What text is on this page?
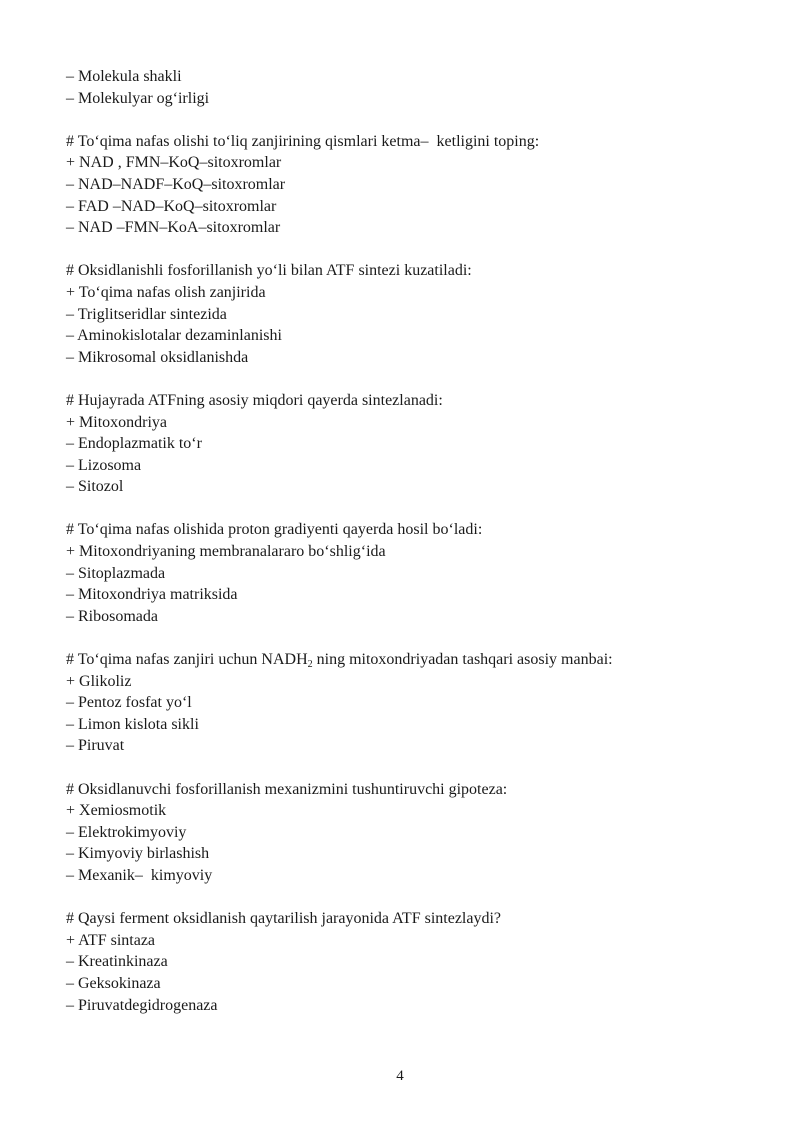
– Molekula shakli
– Molekulyar og‘irligi
# To‘qima nafas olishi to‘liq zanjirining qismlari ketma–  ketligini toping:
+ NAD , FMN–KoQ–sitoxromlar
– NAD–NADF–KoQ–sitoxromlar
– FAD –NAD–KoQ–sitoxromlar
– NAD –FMN–KoA–sitoxromlar
# Oksidlanishli fosforillanish yo‘li bilan ATF sintezi kuzatiladi:
+ To‘qima nafas olish zanjirida
– Triglitseridlar sintezida
– Aminokislotalar dezaminlanishi
– Mikrosomal oksidlanishda
# Hujayrada ATFning asosiy miqdori qayerda sintezlanadi:
+ Mitoxondriya
– Endoplazmatik to‘r
– Lizosoma
– Sitozol
# To‘qima nafas olishida proton gradiyenti qayerda hosil bo‘ladi:
+ Mitoxondriyaning membranalararo bo‘shlig‘ida
– Sitoplazmada
– Mitoxondriya matriksida
– Ribosomada
# To‘qima nafas zanjiri uchun $NADH_2$ ning mitoxondriyadan tashqari asosiy manbai:
+ Glikoliz
– Pentoz fosfat yo‘l
– Limon kislota sikli
– Piruvat
# Oksidlanuvchi fosforillanish mexanizmini tushuntiruvchi gipoteza:
+ Xemiosmotik
– Elektrokimyoviy
– Kimyoviy birlashish
– Mexanik–  kimyoviy
# Qaysi ferment oksidlanish qaytarilish jarayonida ATF sintezlaydi?
+ ATF sintaza
– Kreatinkinaza
– Geksokinaza
– Piruvatdegidrogenaza
4
